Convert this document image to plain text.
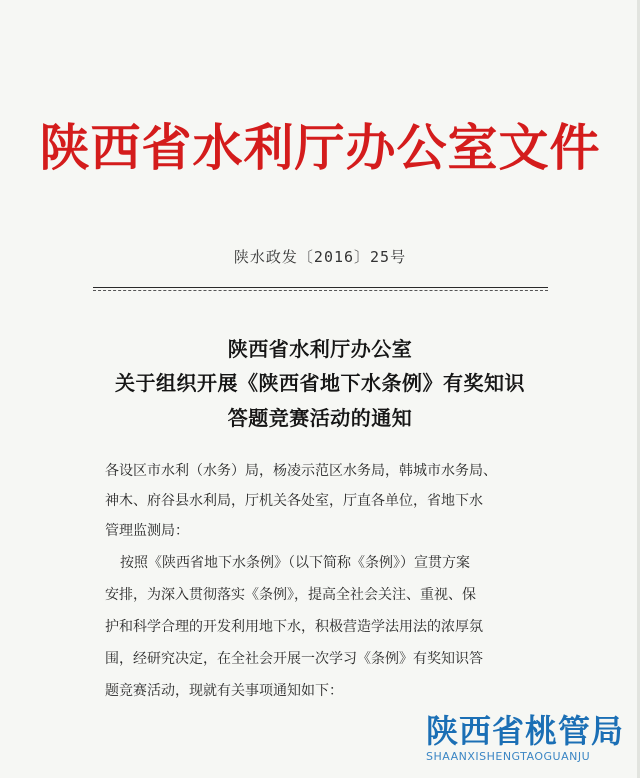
陕西省水利厅办公室文件
陕水政发〔2016〕25号
陕西省水利厅办公室
关于组织开展《陕西省地下水条例》有奖知识
答题竞赛活动的通知
各设区市水利（水务）局，杨凌示范区水务局，韩城市水务局、
神木、府谷县水利局，厅机关各处室，厅直各单位，省地下水
管理监测局：
按照《陕西省地下水条例》（以下简称《条例》）宣贯方案
安排，为深入贯彻落实《条例》，提高全社会关注、重视、保
护和科学合理的开发利用地下水，积极营造学法用法的浓厚氛
围，经研究决定，在全社会开展一次学习《条例》有奖知识答
题竞赛活动，现就有关事项通知如下：
陕西省桃管局
SHAANXISHENGTAOGUANJU
